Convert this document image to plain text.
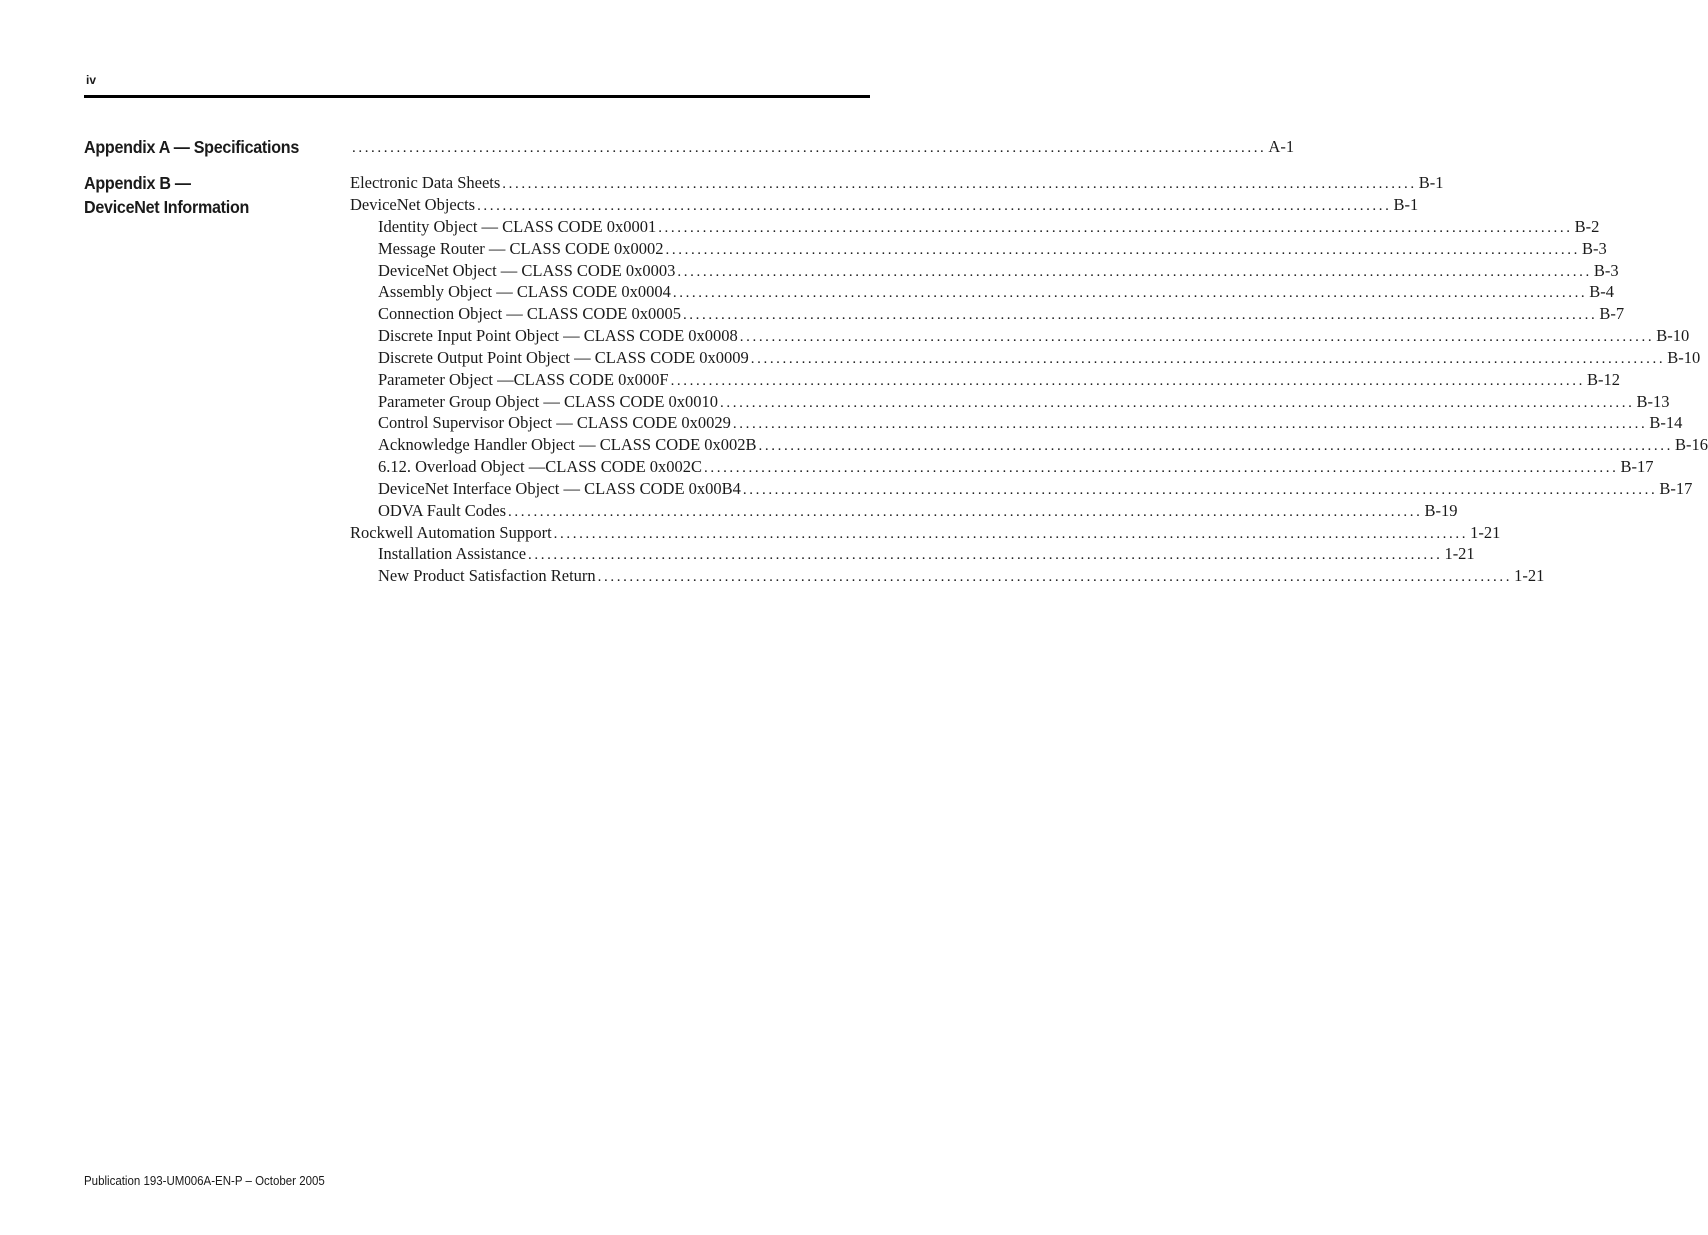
iv
Appendix A — Specifications	................................................................................................................................................ A-1
Appendix B —
DeviceNet Information
Electronic Data Sheets ................................................................................................................................................ B-1
DeviceNet Objects ................................................................................................................................................ B-1
Identity Object — CLASS CODE 0x0001 ................................................................................................................................................ B-2
Message Router — CLASS CODE 0x0002 ................................................................................................................................................ B-3
DeviceNet Object — CLASS CODE 0x0003 ................................................................................................................................................ B-3
Assembly Object — CLASS CODE 0x0004 ................................................................................................................................................ B-4
Connection Object — CLASS CODE 0x0005 ................................................................................................................................................ B-7
Discrete Input Point Object — CLASS CODE 0x0008 ................................................................................................................................................ B-10
Discrete Output Point Object — CLASS CODE 0x0009 ................................................................................................................................................ B-10
Parameter Object —CLASS CODE 0x000F ................................................................................................................................................ B-12
Parameter Group Object — CLASS CODE 0x0010 ................................................................................................................................................ B-13
Control Supervisor Object — CLASS CODE 0x0029 ................................................................................................................................................ B-14
Acknowledge Handler Object — CLASS CODE 0x002B ................................................................................................................................................ B-16
6.12. Overload Object —CLASS CODE 0x002C ................................................................................................................................................ B-17
DeviceNet Interface Object — CLASS CODE 0x00B4 ................................................................................................................................................ B-17
ODVA Fault Codes ................................................................................................................................................ B-19
Rockwell Automation Support ................................................................................................................................................ 1-21
Installation Assistance ................................................................................................................................................ 1-21
New Product Satisfaction Return ................................................................................................................................................ 1-21
Publication 193-UM006A-EN-P – October 2005
